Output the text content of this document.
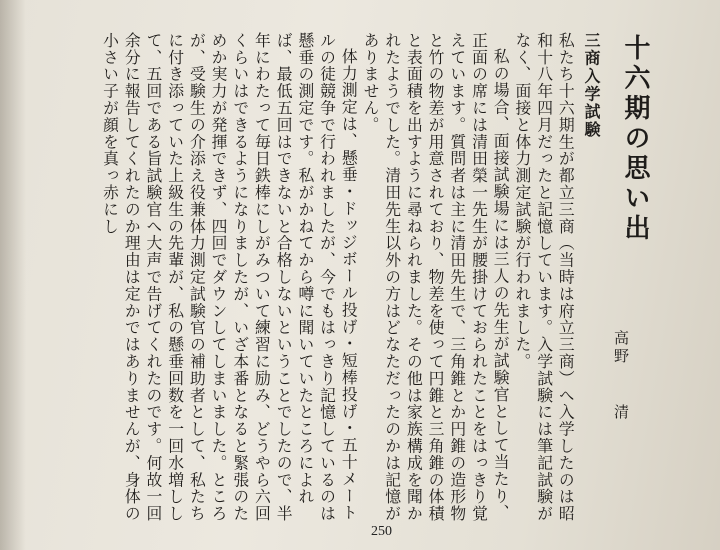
十六期の思い出
高野清

三商入学試験

私たち十六期生が都立三商（当時は府立三商）へ入学したのは昭和十八年四月だったと記憶しています。入学試験には筆記試験がなく、面接と体力測定試験が行われました。

私の場合、面接試験場には三人の先生が試験官として当たり、正面の席には清田榮一先生が腰掛けておられたことをはっきり覚えています。質問者は主に清田先生で、三角錐とか円錐の造形物と竹の物差が用意されており、物差を使って円錐と三角錐の体積と表面積を出すように尋ねられました。その他は家族構成を聞かれたようでした。清田先生以外の方はどなただったのかは記憶がありません。

体力測定は、懸垂・ドッジボール投げ・短棒投げ・五十メートルの徒競争で行われましたが、今でもはっきり記憶しているのは懸垂の測定です。私がかねてから噂に聞いていたところによれば、最低五回はできないと合格しないということでしたので、半年にわたって毎日鉄棒にしがみついて練習に励み、どうやら六回くらいはできるようになりましたが、いざ本番となると緊張のためか実力が発揮できず、四回でダウンしてしまいました。ところが、受験生の介添え役兼体力測定試験官の補助者として、私たちに付き添っていた上級生の先輩が、私の懸垂回数を一回水増しして、五回である旨試験官へ大声で告げてくれたのです。何故一回余分に報告してくれたのか理由は定かではありませんが、身体の小さい子が顔を真っ赤にし

250
